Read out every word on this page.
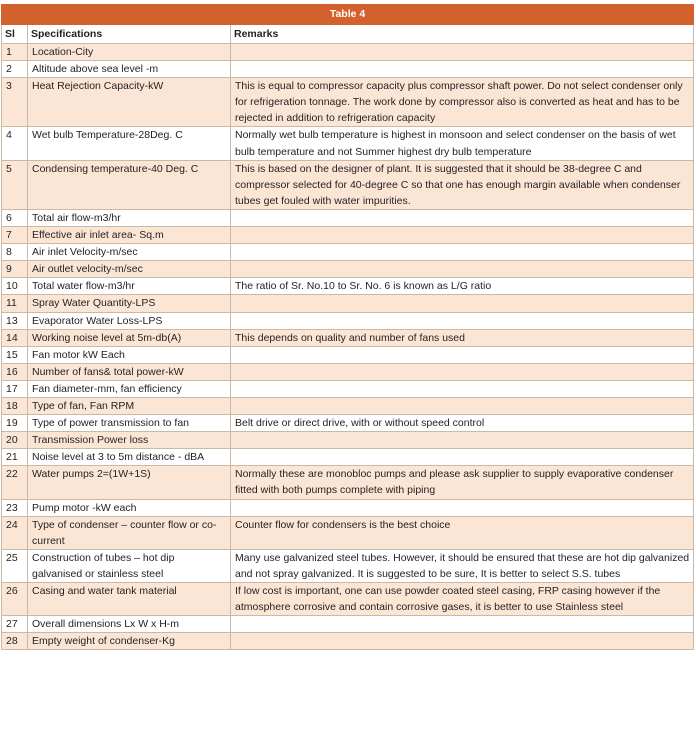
Table 4		
Sl	Specifications	Remarks
1	Location-City	
2	Altitude above sea level -m	
3	Heat Rejection Capacity-kW	This is equal to compressor capacity plus compressor shaft power. Do not select condenser only for refrigeration tonnage. The work done by compressor also is converted as heat and has to be rejected in addition to refrigeration capacity
4	Wet bulb Temperature-28Deg. C	Normally wet bulb temperature is highest in monsoon and select condenser on the basis of wet bulb temperature and not Summer highest dry bulb temperature
5	Condensing temperature-40 Deg. C	This is based on the designer of plant. It is suggested that it should be 38-degree C and compressor selected for 40-degree C so that one has enough margin available when condenser tubes get fouled with water impurities.
6	Total air flow-m3/hr	
7	Effective air inlet area- Sq.m	
8	Air inlet Velocity-m/sec	
9	Air outlet velocity-m/sec	
10	Total water flow-m3/hr	The ratio of Sr. No.10 to Sr. No. 6 is known as L/G ratio
11	Spray Water Quantity-LPS	
13	Evaporator Water Loss-LPS	
14	Working noise level at 5m-db(A)	This depends on quality and number of fans used
15	Fan motor kW Each	
16	Number of fans& total power-kW	
17	Fan diameter-mm, fan efficiency	
18	Type of fan, Fan RPM	
19	Type of power transmission to fan	Belt drive or direct drive, with or without speed control
20	Transmission Power loss	
21	Noise level at 3 to 5m distance - dBA	
22	Water pumps 2=(1W+1S)	Normally these are monobloc pumps and please ask supplier to supply evaporative condenser fitted with both pumps complete with piping
23	Pump motor -kW each	
24	Type of condenser – counter flow or co-current	Counter flow for condensers is the best choice
25	Construction of tubes – hot dip galvanised or stainless steel	Many use galvanized steel tubes. However, it should be ensured that these are hot dip galvanized and not spray galvanized. It is suggested to be sure, It is better to select S.S. tubes
26	Casing and water tank material	If low cost is important, one can use powder coated steel casing, FRP casing however if the atmosphere corrosive and contain corrosive gases, it is better to use Stainless steel
27	Overall dimensions Lx W x H-m	
28	Empty weight of condenser-Kg	
